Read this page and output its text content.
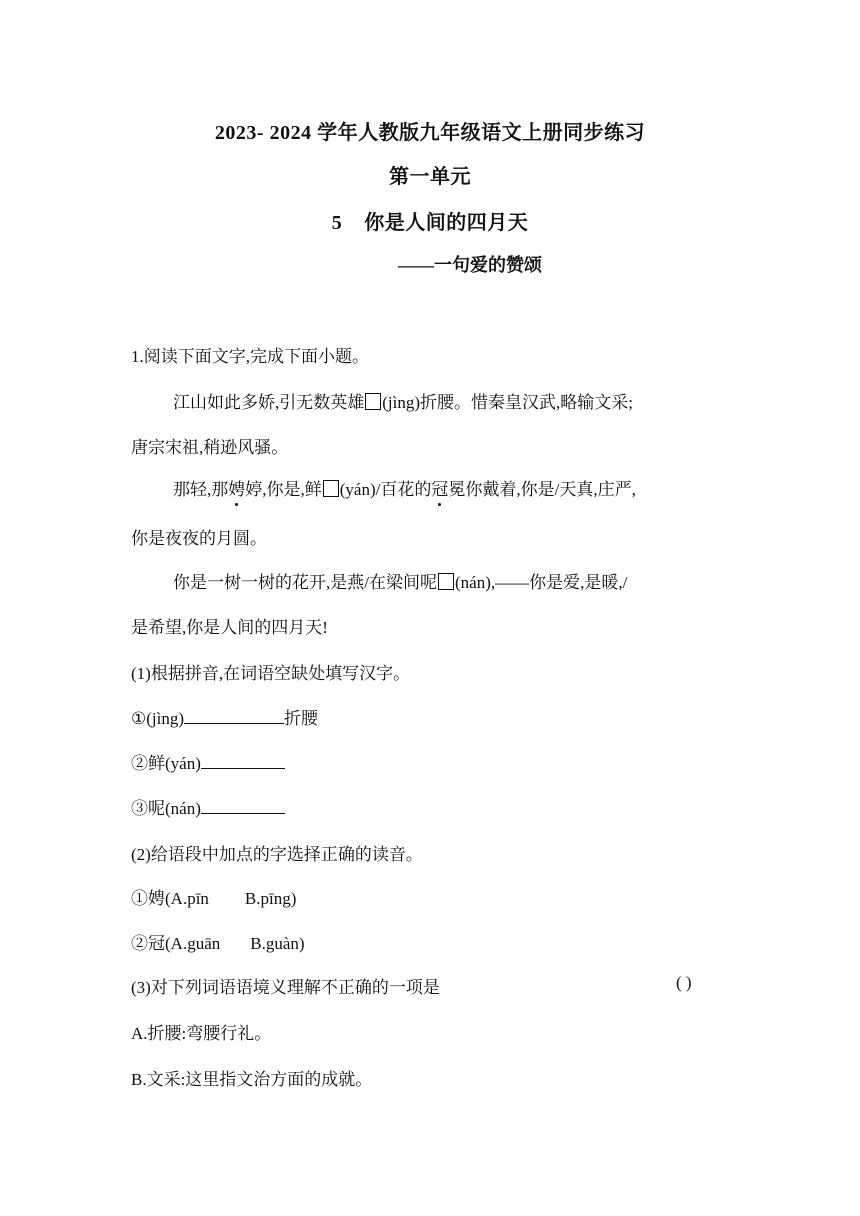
2023- 2024 学年人教版九年级语文上册同步练习
第一单元
5 你是人间的四月天
——一句爱的赞颂
1.阅读下面文字,完成下面小题。
江山如此多娇,引无数英雄 (jìng)折腰。惜秦皇汉武,略输文采;
唐宗宋祖,稍逊风骚。
那轻,那娉婷,你是,鲜 (yán)/百花的冠冕你戴着,你是/天真,庄严,
你是夜夜的月圆。
你是一树一树的花开,是燕/在梁间呢 (nán),——你是爱,是暖,/
是希望,你是人间的四月天!
(1)根据拼音,在词语空缺处填写汉字。
①(jìng)	折腰
②鲜(yán)
③呢(nán)
(2)给语段中加点的字选择正确的读音。
①娉(A.pīn B.pīng)
②冠(A.guān B.guàn)
(3)对下列词语语境义理解不正确的一项是	( )
A.折腰:弯腰行礼。
B.文采:这里指文治方面的成就。
